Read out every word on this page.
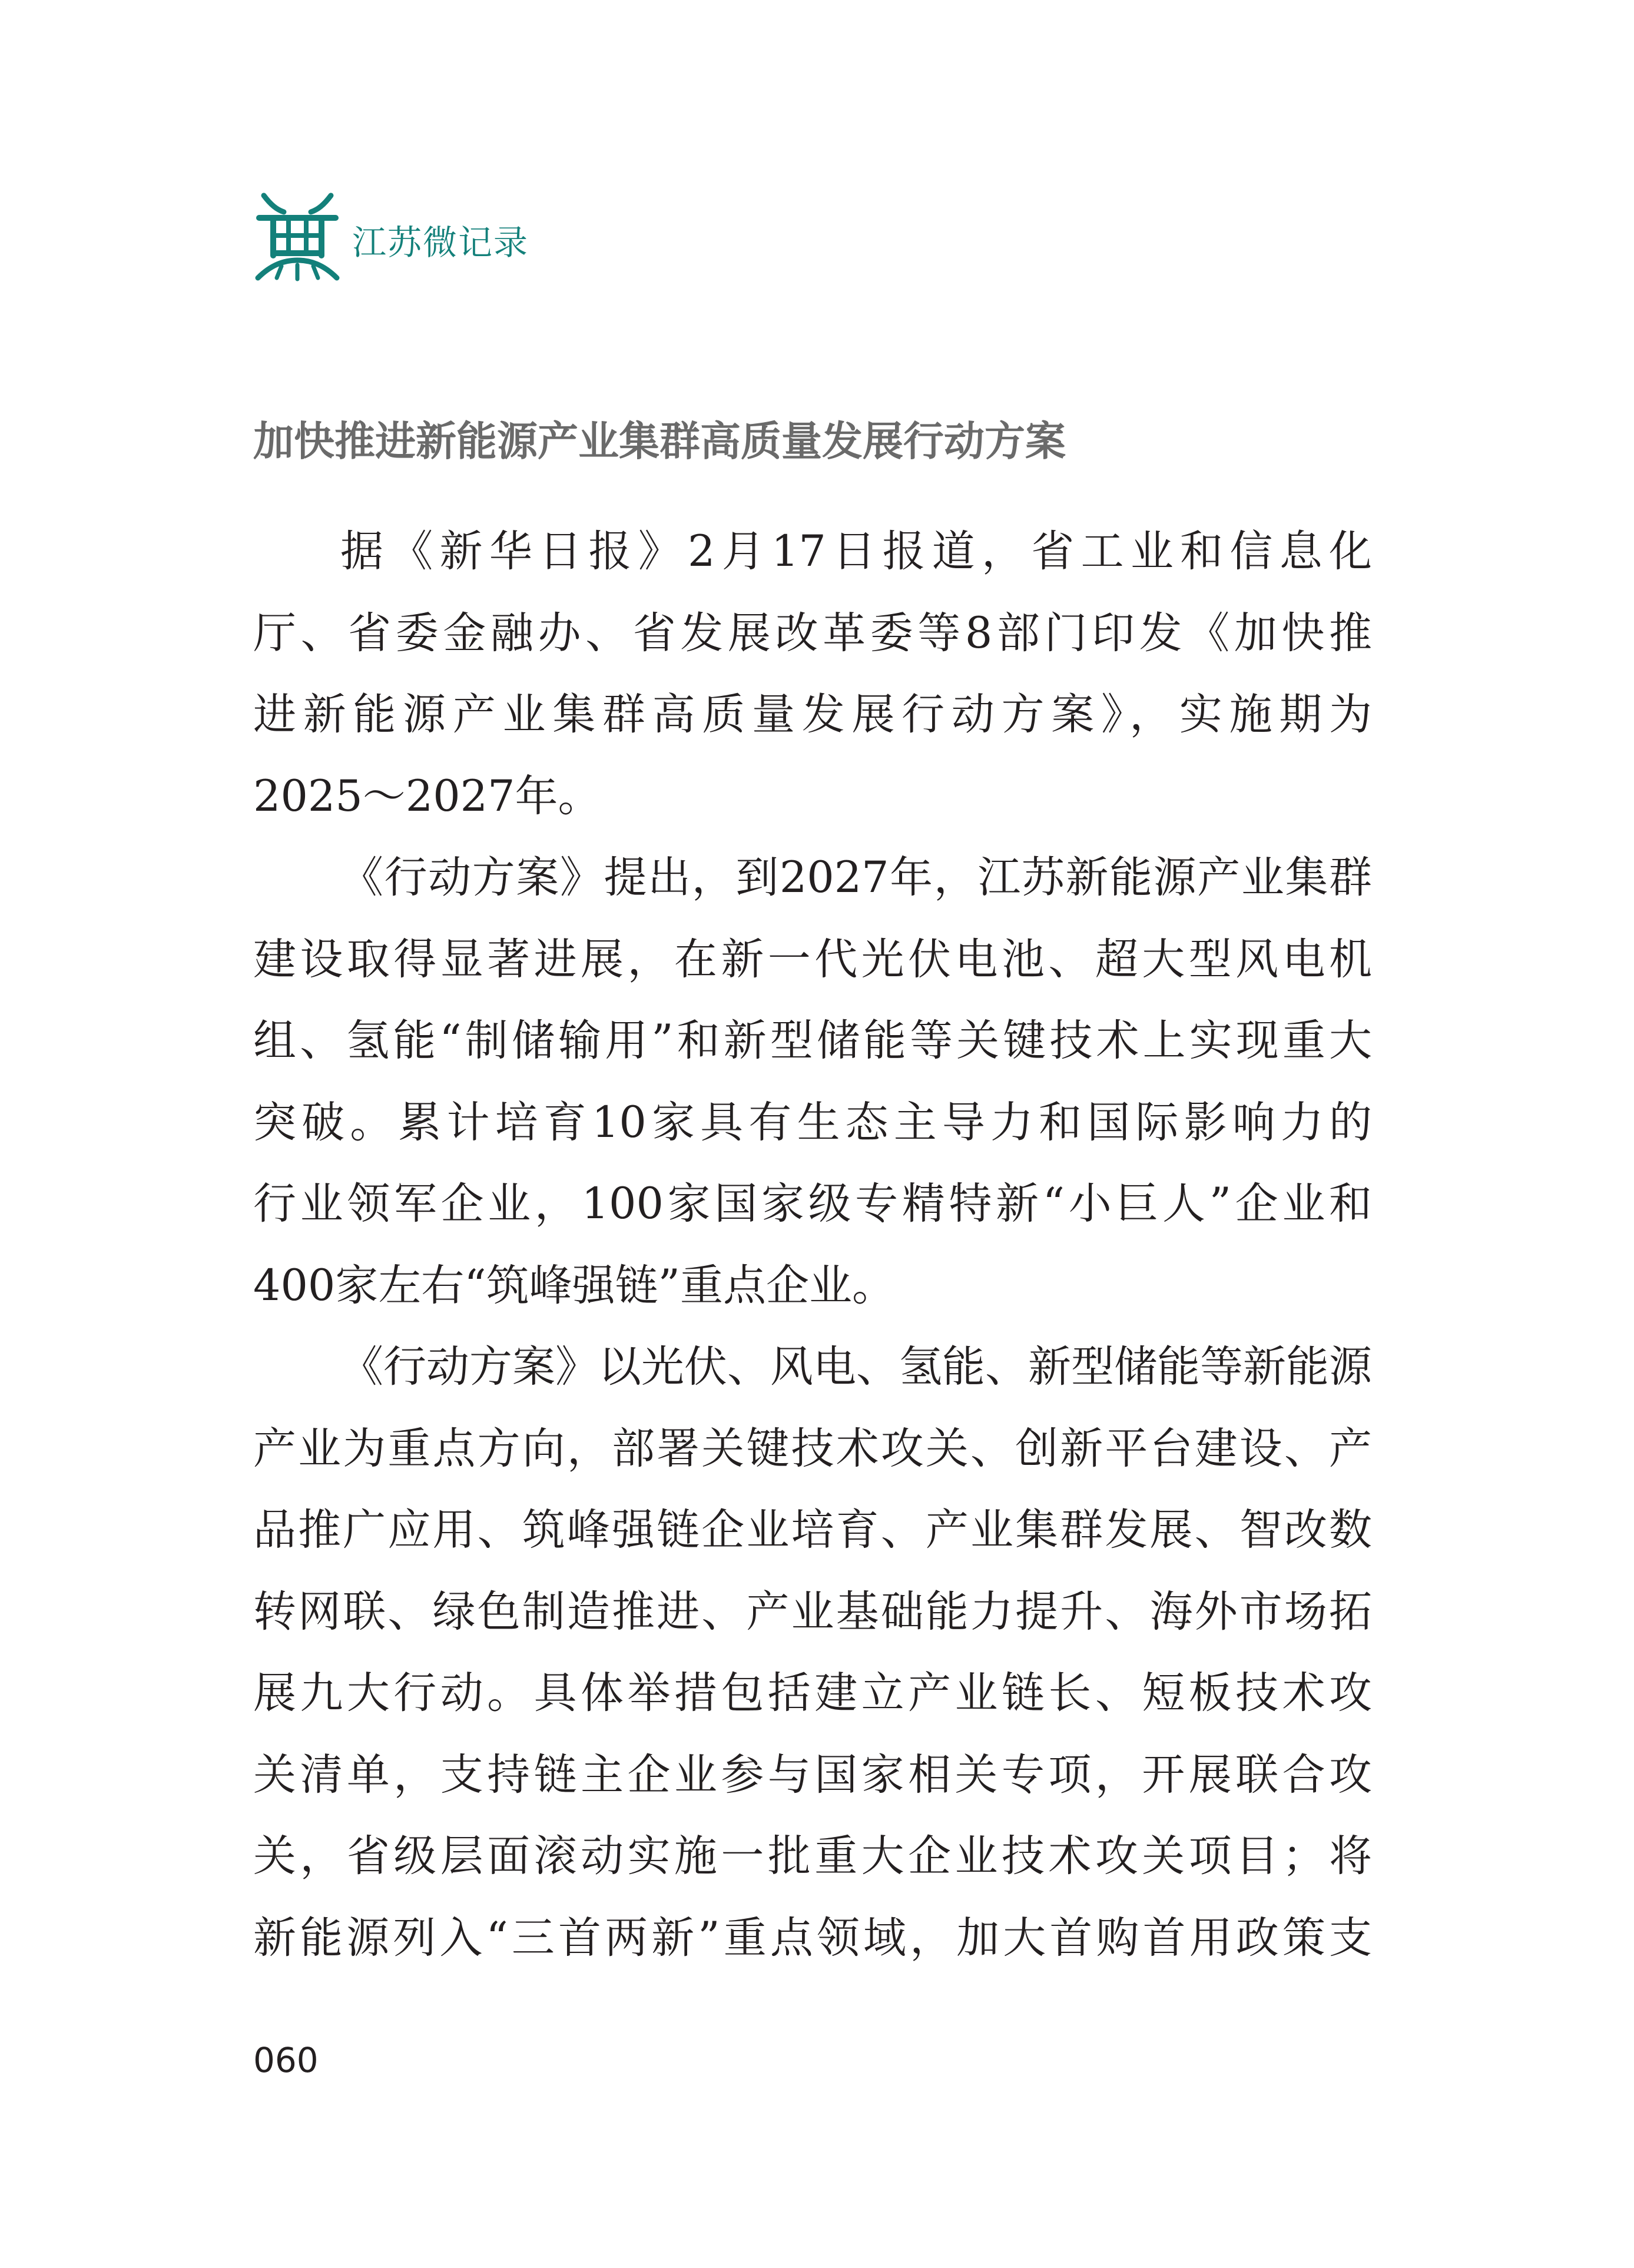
江苏微记录
加快推进新能源产业集群高质量发展行动方案
据《新华日报》2月17日报道，省工业和信息化
厅、省委金融办、省发展改革委等8部门印发《加快推
进新能源产业集群高质量发展行动方案》，实施期为
2025～2027年。
《行动方案》提出，到2027年，江苏新能源产业集群
建设取得显著进展，在新一代光伏电池、超大型风电机
组、氢能“制储输用”和新型储能等关键技术上实现重大
突破。累计培育10家具有生态主导力和国际影响力的
行业领军企业，100家国家级专精特新“小巨人”企业和
400家左右“筑峰强链”重点企业。
《行动方案》以光伏、风电、氢能、新型储能等新能源
产业为重点方向，部署关键技术攻关、创新平台建设、产
品推广应用、筑峰强链企业培育、产业集群发展、智改数
转网联、绿色制造推进、产业基础能力提升、海外市场拓
展九大行动。具体举措包括建立产业链长、短板技术攻
关清单，支持链主企业参与国家相关专项，开展联合攻
关，省级层面滚动实施一批重大企业技术攻关项目；将
新能源列入“三首两新”重点领域，加大首购首用政策支
060
